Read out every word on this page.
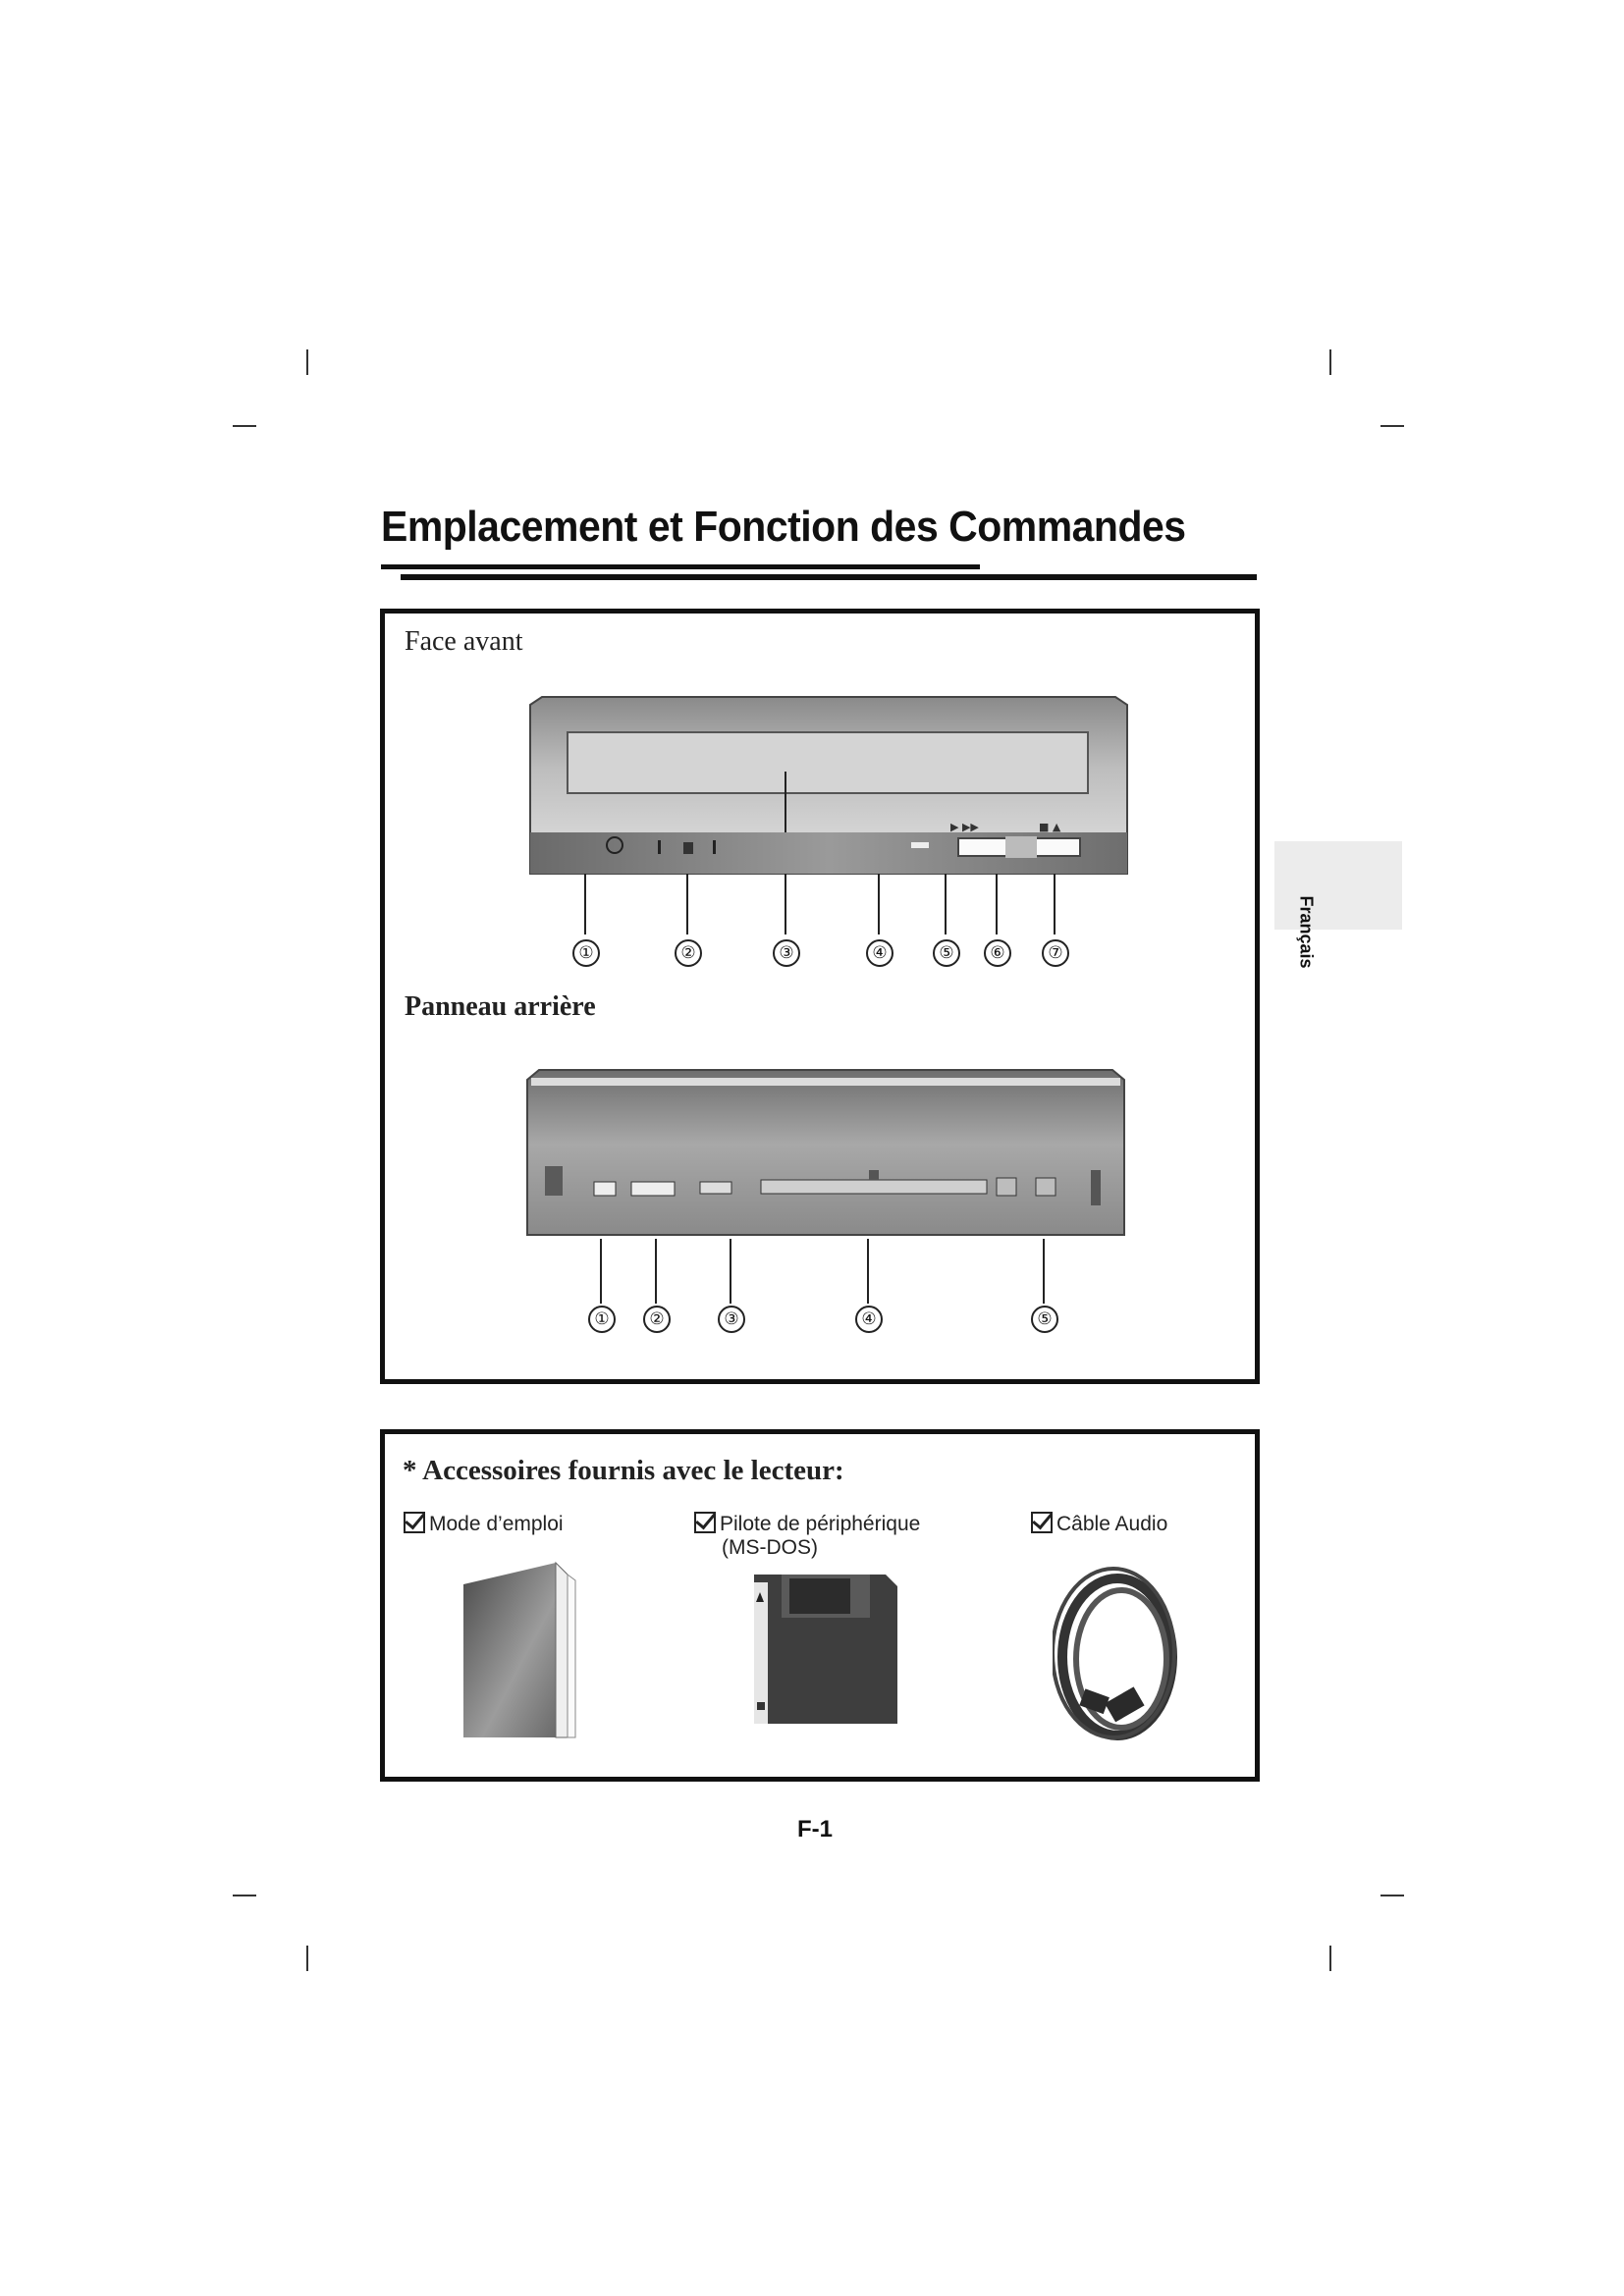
Emplacement et Fonction des Commandes
Français
Face avant
▶ ▶▶	■ ▲
①	②	③	④	⑤	⑥	⑦
Panneau arrière
①	②	③	④	⑤
* Accessoires fournis avec le lecteur:
Mode d’emploi	Pilote de périphérique
(MS-DOS)
Câble Audio
F-1
